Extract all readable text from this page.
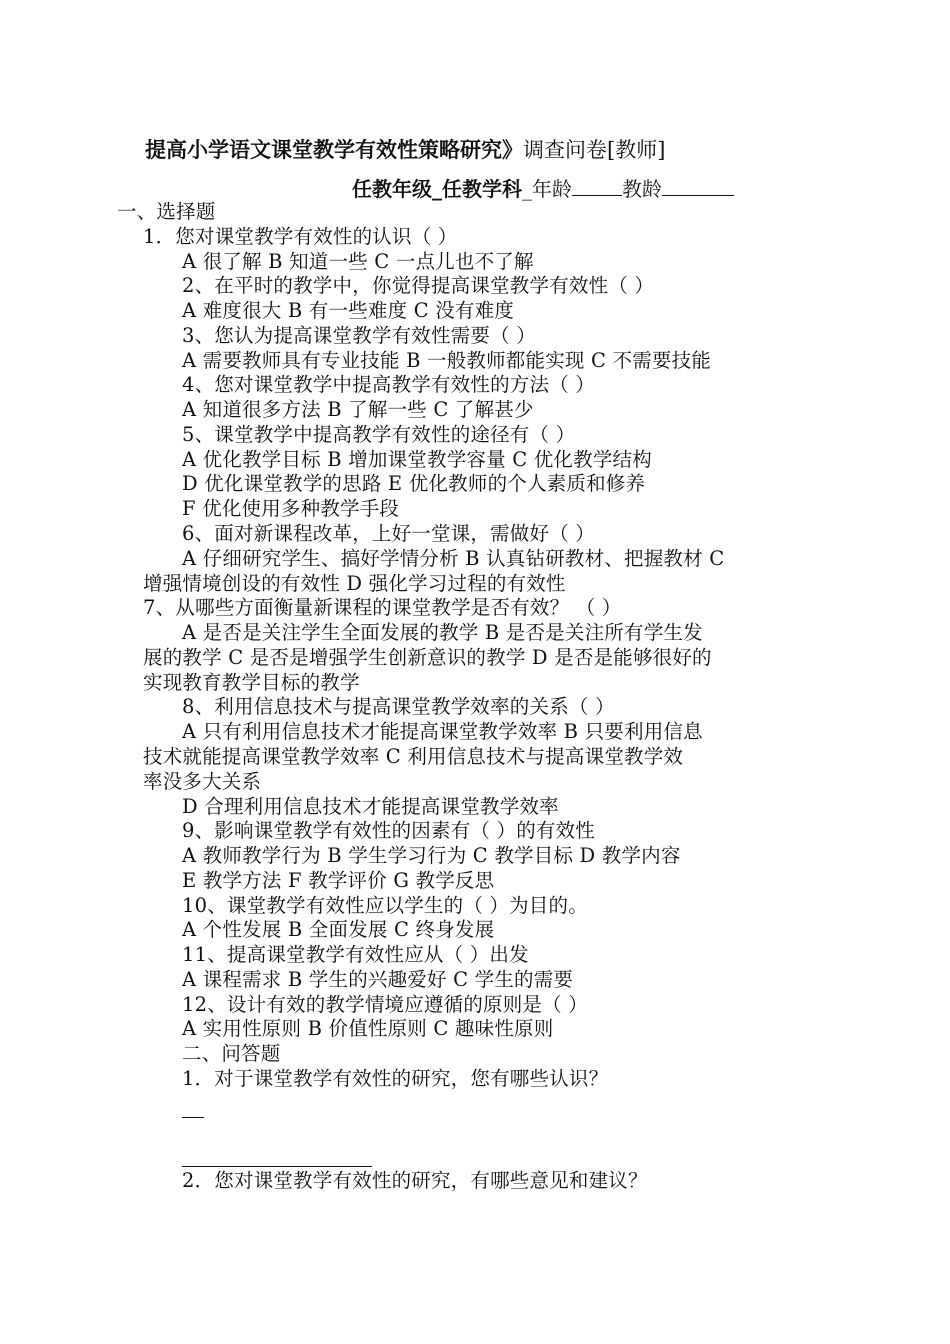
提高小学语文课堂教学有效性策略研究》调查问卷[教师]
任教年级_任教学科_年龄	教龄
一、选择题
1．您对课堂教学有效性的认识（ ）
A 很了解 B 知道一些 C 一点儿也不了解
2、在平时的教学中，你觉得提高课堂教学有效性（ ）
A 难度很大 B 有一些难度 C 没有难度
3、您认为提高课堂教学有效性需要（ ）
A 需要教师具有专业技能 B 一般教师都能实现 C 不需要技能
4、您对课堂教学中提高教学有效性的方法（ ）
A 知道很多方法 B 了解一些 C 了解甚少
5、课堂教学中提高教学有效性的途径有（ ）
A 优化教学目标 B 增加课堂教学容量 C 优化教学结构
D 优化课堂教学的思路 E 优化教师的个人素质和修养
F 优化使用多种教学手段
6、面对新课程改革，上好一堂课，需做好（ ）
A 仔细研究学生、搞好学情分析 B 认真钻研教材、把握教材 C
增强情境创设的有效性 D 强化学习过程的有效性
7、从哪些方面衡量新课程的课堂教学是否有效？ （ ）
A 是否是关注学生全面发展的教学 B 是否是关注所有学生发
展的教学 C 是否是增强学生创新意识的教学 D 是否是能够很好的
实现教育教学目标的教学
8、利用信息技术与提高课堂教学效率的关系（ ）
A 只有利用信息技术才能提高课堂教学效率 B 只要利用信息
技术就能提高课堂教学效率 C 利用信息技术与提高课堂教学效
率没多大关系
D 合理利用信息技术才能提高课堂教学效率
9、影响课堂教学有效性的因素有（ ）的有效性
A 教师教学行为 B 学生学习行为 C 教学目标 D 教学内容
E 教学方法 F 教学评价 G 教学反思
10、课堂教学有效性应以学生的（ ）为目的。
A 个性发展 B 全面发展 C 终身发展
11、提高课堂教学有效性应从（ ）出发
A 课程需求 B 学生的兴趣爱好 C 学生的需要
12、设计有效的教学情境应遵循的原则是（ ）
A 实用性原则 B 价值性原则 C 趣味性原则
二、问答题
1．对于课堂教学有效性的研究，您有哪些认识？
2．您对课堂教学有效性的研究，有哪些意见和建议？
